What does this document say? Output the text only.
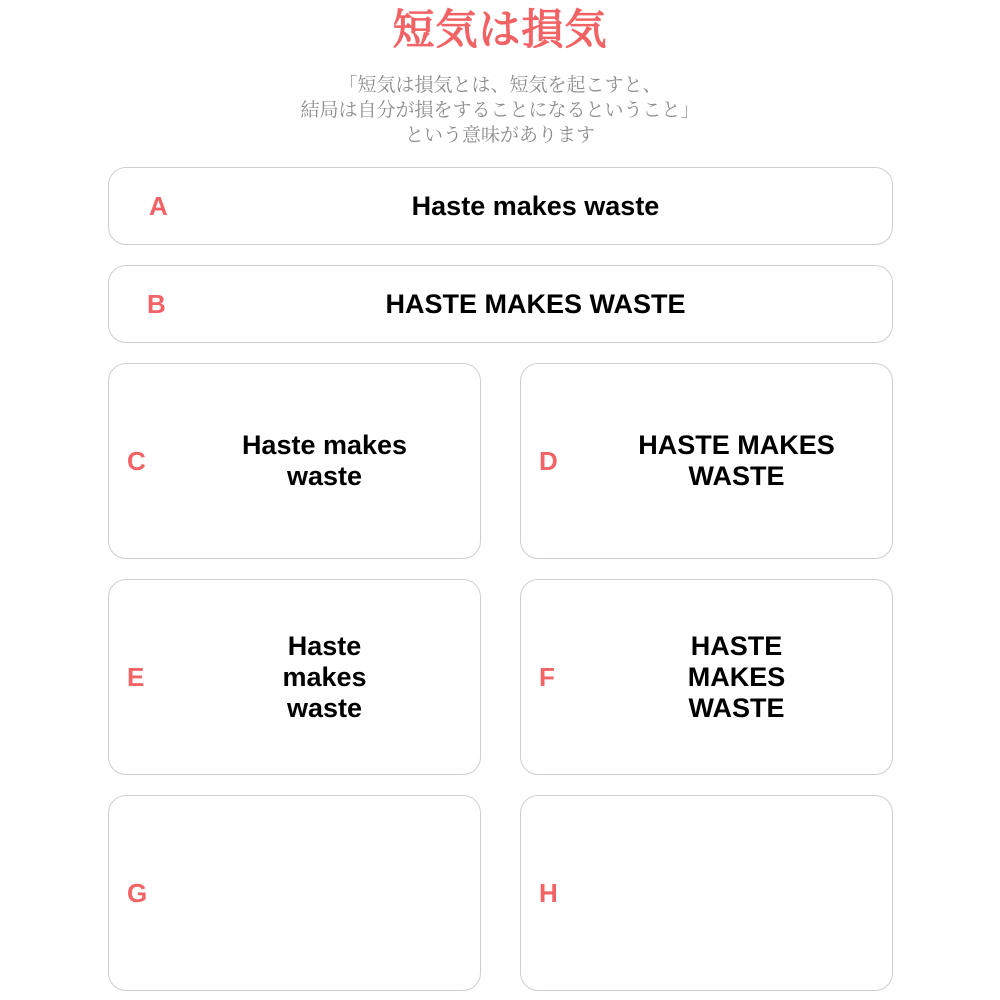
短気は損気
「短気は損気とは、短気を起こすと、
結局は自分が損をすることになるということ」
という意味があります
A	Haste makes waste
B	HASTE MAKES WASTE
C
Haste makes
waste	D
HASTE MAKES
WASTE
E
Haste
makes
waste
F
HASTE
MAKES
WASTE
G	H
